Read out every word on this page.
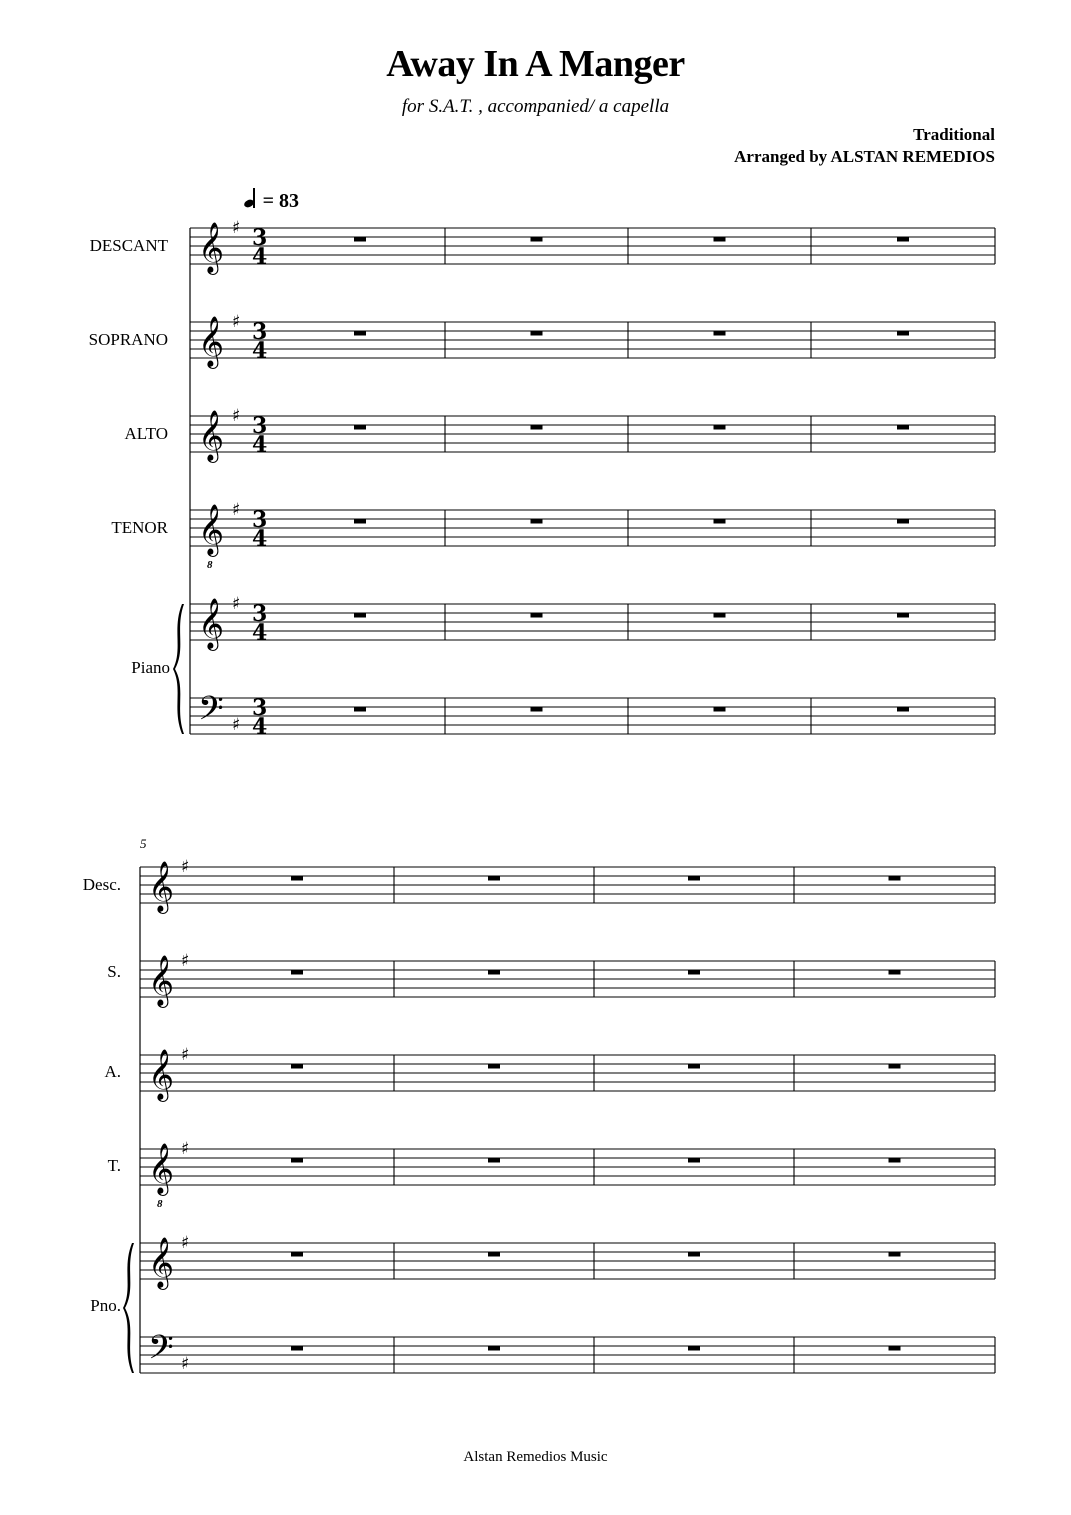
Away In A Manger
for S.A.T. , accompanied/ a capella
Traditional
Arranged by ALSTAN REMEDIOS
= 83
DESCANT
SOPRANO
ALTO
TENOR
Piano
5
Desc.
S.
A.
T.
Pno.
𝄞 ♯ 3
4
𝄞 ♯ 3
4
𝄞 ♯ 3
4
𝄞
8
♯ 3
4
𝄞 ♯ 3
4
𝄢 ♯
3
4
𝄞 ♯
𝄞 ♯
𝄞 ♯
𝄞
8
♯
𝄞 ♯
𝄢 ♯
Alstan Remedios Music
